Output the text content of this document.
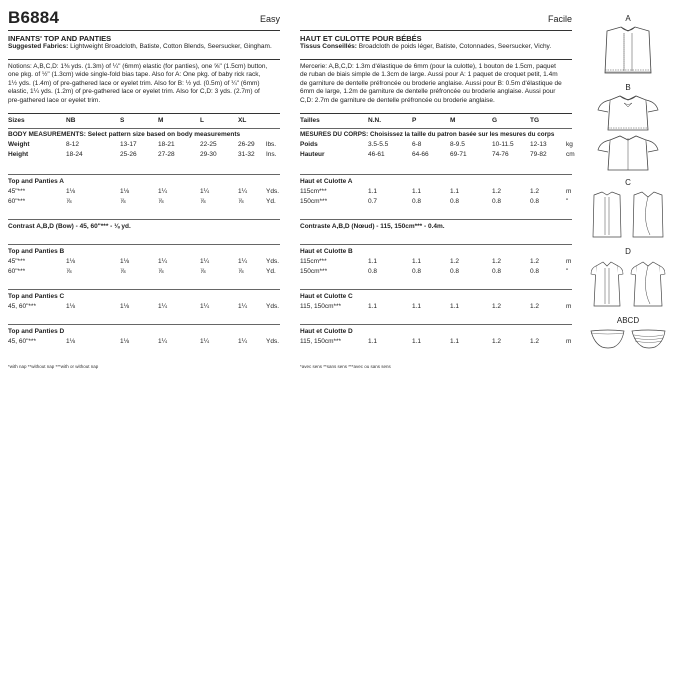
B6884	Easy
INFANTS' TOP AND PANTIES
Suggested Fabrics: Lightweight Broadcloth, Batiste, Cotton Blends, Seersucker, Gingham.
Notions: A,B,C,D: 1⅜ yds. (1.3m) of ¼" (6mm) elastic (for panties), one ⅝" (1.5cm) button,
one pkg. of ½" (1.3cm) wide single-fold bias tape. Also for A: One pkg. of baby rick rack,
1½ yds. (1.4m) of pre-gathered lace or eyelet trim. Also for B: ½ yd. (0.5m) of ¼" (6mm)
elastic, 1¼ yds. (1.2m) of pre-gathered lace or eyelet trim. Also for C,D: 3 yds. (2.7m) of
pre-gathered lace or eyelet trim.
Sizes	NB	S	M	L	XL
BODY MEASUREMENTS: Select pattern size based on body measurements
Weight	8-12	13-17	18-21	22-25	26-29 lbs.
Height	18-24	25-26	27-28	29-30	31-32 Ins.
Top and Panties A
45"***	1⅛	1⅛	1¼	1¼	1¼	Yds.
60"***	⅞	⅞	⅞	⅞	⅞	Yd.
Contrast A,B,D (Bow) - 45, 60"*** - ⅛ yd.
Top and Panties B
45"***	1⅛	1⅛	1¼	1¼	1¼	Yds.
60"***	⅞	⅞	⅞	⅞	⅞	Yd.
Top and Panties C
45, 60"***	1⅛	1⅛	1¼	1¼	1¼	Yds.
Top and Panties D
45, 60"***	1⅛	1⅛	1¼	1¼	1¼	Yds.
*with nap **without nap ***with or without nap
Facile
HAUT ET CULOTTE POUR BÉBÉS
Tissus Conseillés: Broadcloth de poids léger, Batiste, Cotonnades, Seersucker, Vichy.
Mercerie: A,B,C,D: 1.3m d'élastique de 6mm (pour la culotte), 1 bouton de 1.5cm, paquet
de ruban de biais simple de 1.3cm de large. Aussi pour A: 1 paquet de croquet petit, 1.4m
de garniture de dentelle préfroncée ou broderie anglaise. Aussi pour B: 0.5m d'élastique de
6mm de large, 1.2m de garniture de dentelle préfroncée ou broderie anglaise. Aussi pour
C,D: 2.7m de garniture de dentelle préfroncée ou broderie anglaise.
Tailles	N.N.	P	M	G	TG
MESURES DU CORPS: Choisissez la taille du patron basée sur les mesures du corps
Poids	3.5-5.5	6-8	8-9.5	10-11.5	12-13	kg
Hauteur	46-61	64-66	69-71	74-76	79-82	cm
Haut et Culotte A
115cm***	1.1	1.1	1.1	1.2	1.2	m
150cm***	0.7	0.8	0.8	0.8	0.8	"
Contraste A,B,D (Nœud) - 115, 150cm*** - 0.4m.
Haut et Culotte B
115cm***	1.1	1.1	1.2	1.2	1.2	m
150cm***	0.8	0.8	0.8	0.8	0.8	"
Haut et Culotte C
115, 150cm***	1.1	1.1	1.1	1.2	1.2	m
Haut et Culotte D
115, 150cm***	1.1	1.1	1.1	1.2	1.2	m
*avec sens **sans sens ***avec ou sans sens
A
B
C
D
ABCD
